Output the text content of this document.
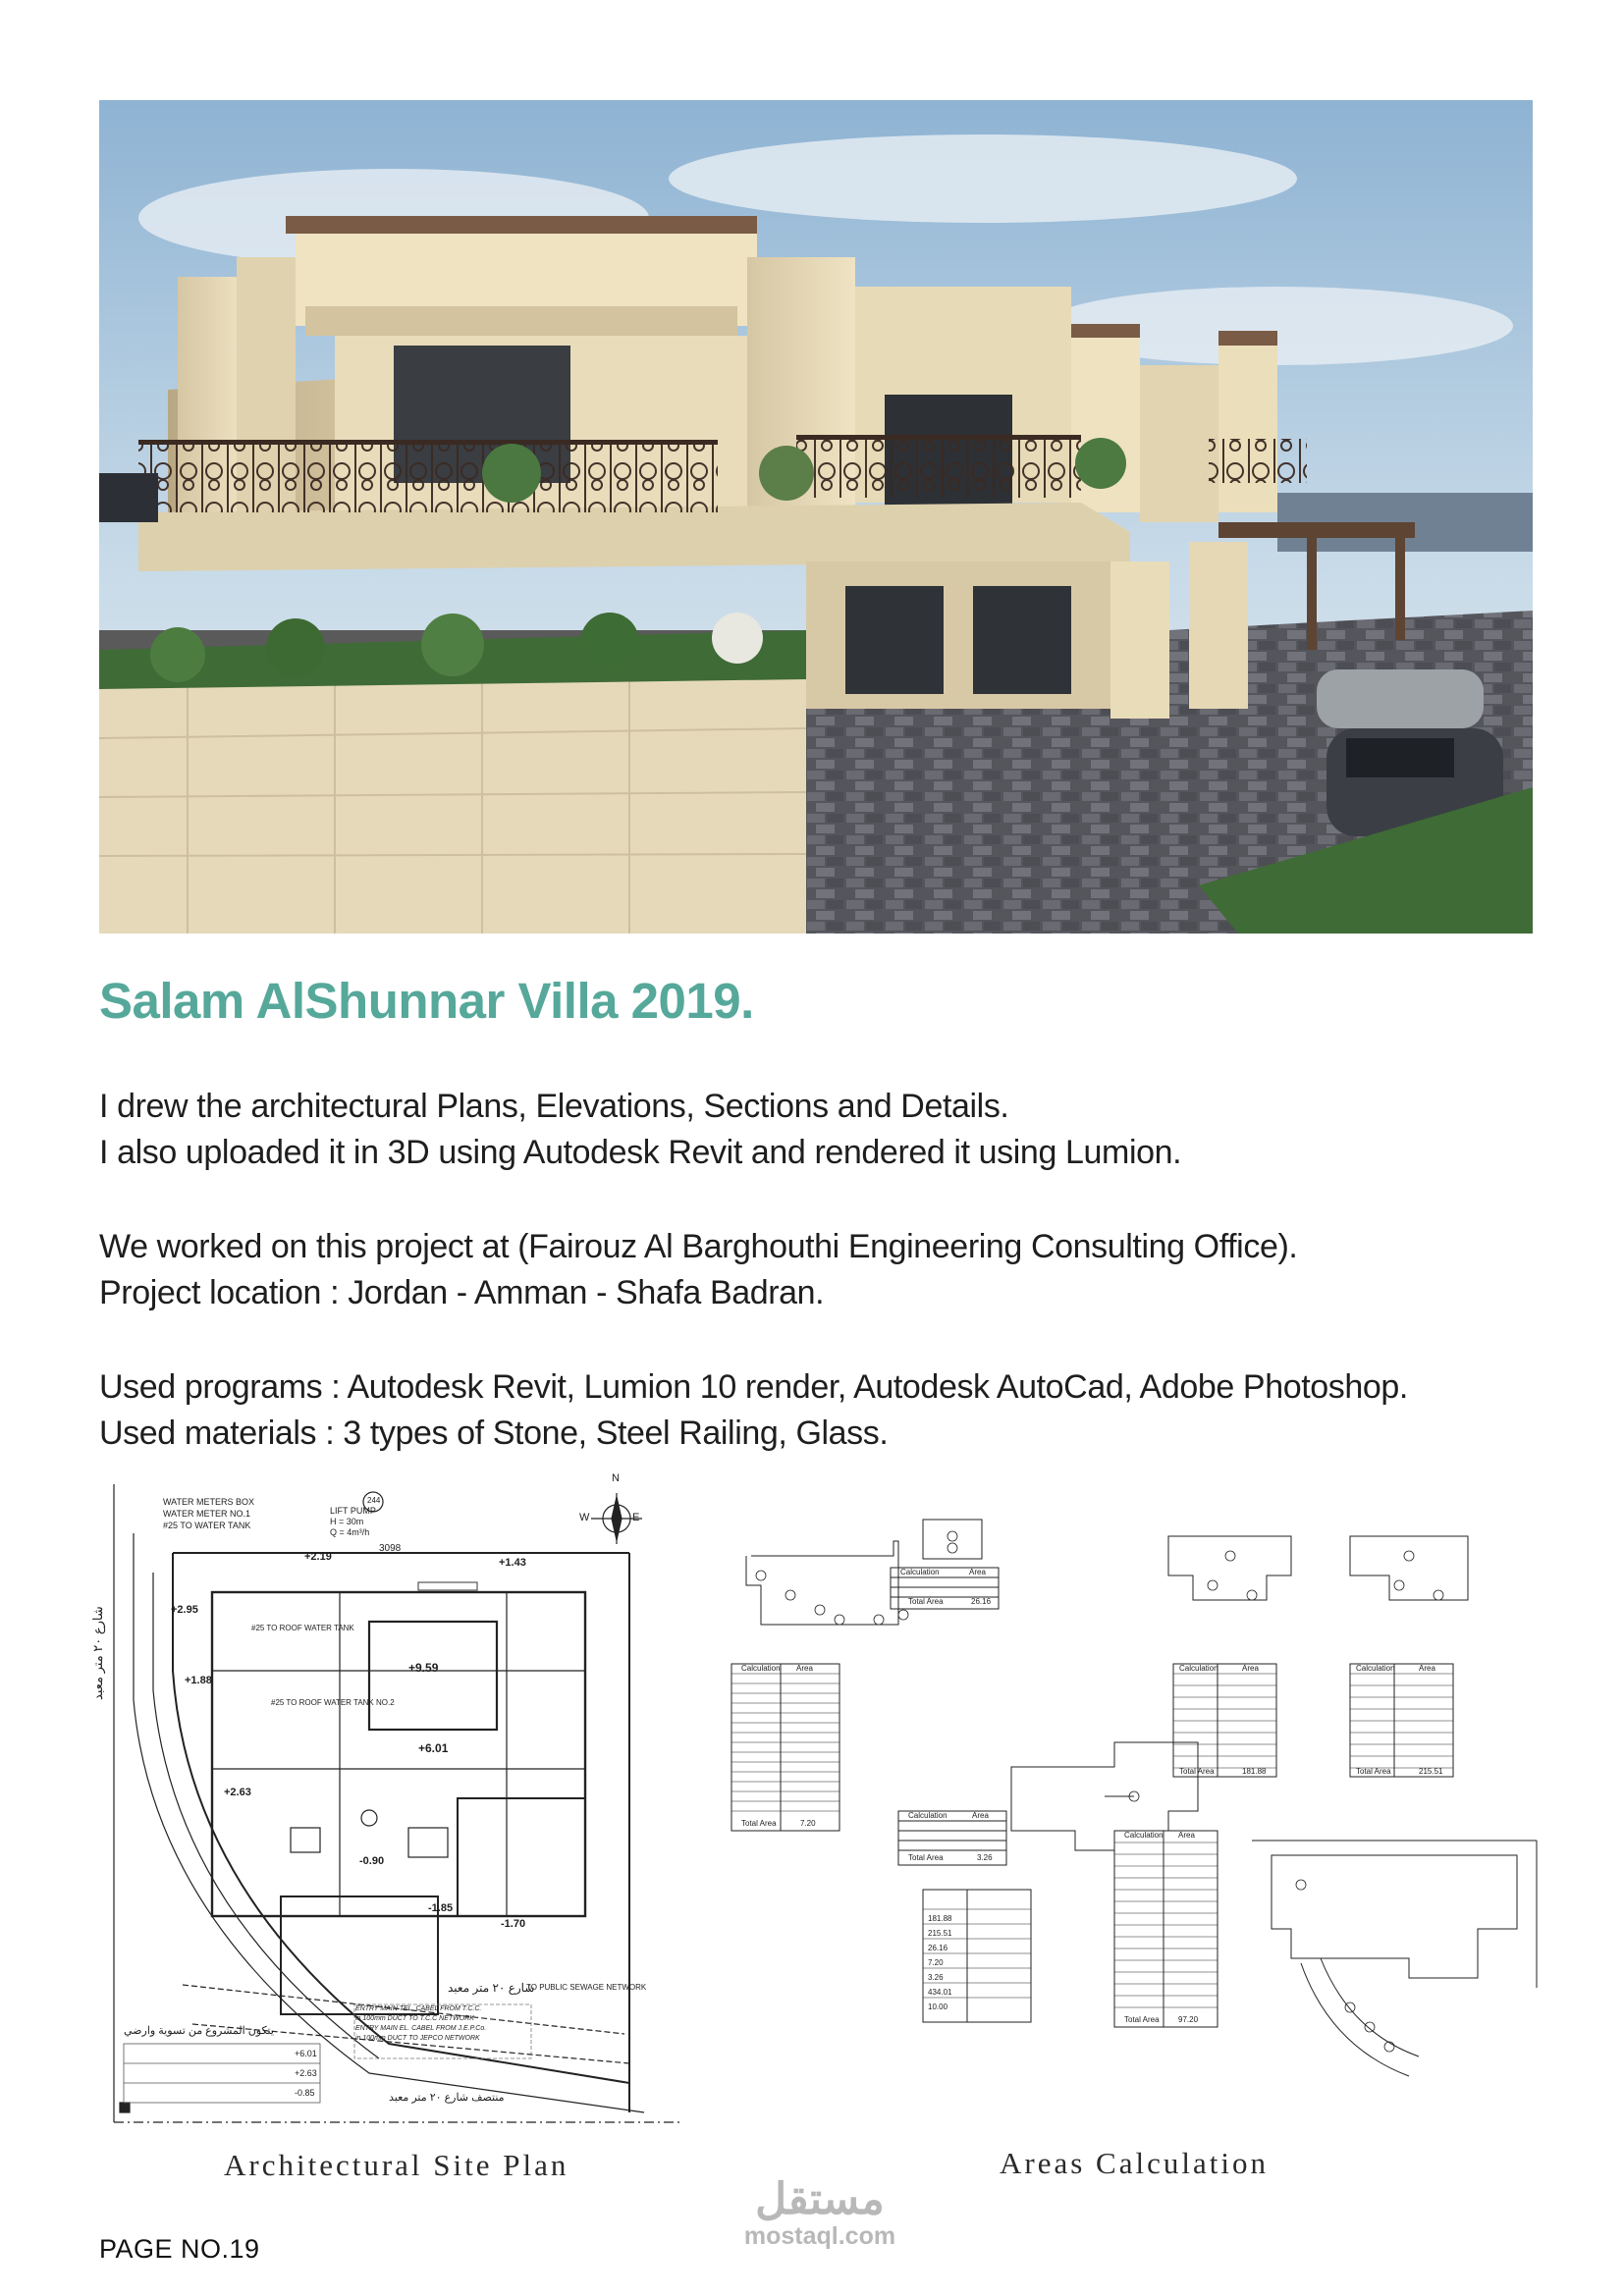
Salam AlShunnar Villa 2019.
I drew the architectural Plans, Elevations, Sections and Details.
I also uploaded it in 3D using Autodesk Revit and rendered it using Lumion.
We worked on this project at (Fairouz Al Barghouthi Engineering Consulting Office).
Project location : Jordan - Amman - Shafa Badran.
Used programs : Autodesk Revit, Lumion 10 render, Autodesk AutoCad, Adobe Photoshop.
Used materials : 3 types of Stone, Steel Railing, Glass.
WATER METERS BOX
WATER METER NO.1
#25 TO WATER TANK
LIFT PUMP
H = 30m
Q = 4m³/h
244
3098
N
E
W
#25 TO ROOF WATER TANK
#25 TO ROOF WATER TANK NO.2
+9.59
+6.01
+2.95
+2.19	+1.43
+1.88
+2.63
-0.90
-1.70
-1.85
TO PUBLIC SEWAGE NETWORK
ENTRY MAIN TEL. CABEL FROM T.C.C.
in 100mm DUCT TO T.C.C NETWORK
ENTRY MAIN EL. CABEL FROM J.E.P.Co.
in 100mm DUCT TO JEPCO NETWORK
شارع ٢٠ متر معبد
منتصف شارع ٢٠ متر معبد
شارع ٢٠ متر معبد
يتكون المشروع من تسوية وارضي
+6.01
+2.63
-0.85
Calculation	Area
Total Area	26.16
Calculation Area
Total Area	7.20
Calculation	Area
Total Area	3.26
Calculation	Area
Total Area	181.88
Calculation	Area
Total Area	215.51
Calculation Area
Total Area 97.20
181.88
215.51
26.16
7.20
3.26
434.01
10.00
Architectural Site Plan	Areas Calculation
مستقل
mostaql.com
PAGE NO.19
